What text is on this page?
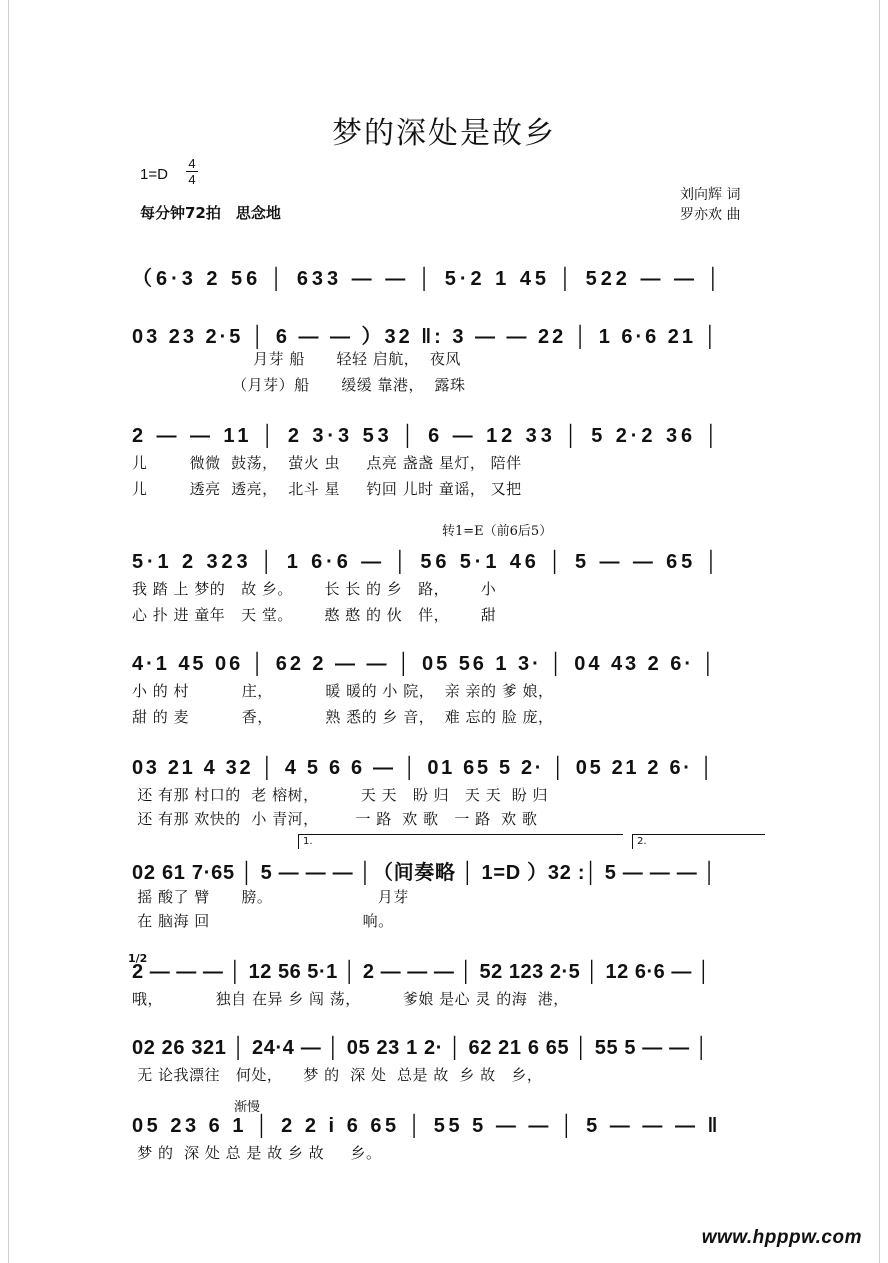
梦的深处是故乡
1=D
4
4
每分钟72拍　思念地
刘向辉 词
罗亦欢 曲
（6·3 2 56 │ 633 ― ― │ 5·2 1 45 │ 522 ― ― │
03 23 2·5 │ 6 ― ― ）32 ‖: 3 ― ― 22 │ 1 6·6 21 │
月芽 船      轻轻 启航，  夜风
（月芽）船      缓缓 靠港，  露珠
2 ― ― 11 │ 2 3·3 53 │ 6 ― 12 33 │ 5 2·2 36 │
儿        微微  鼓荡，  萤火 虫     点亮 盏盏 星灯， 陪伴
儿        透亮  透亮，  北斗 星     钓回 儿时 童谣， 又把
转1=E（前6后5）
5·1 2 323 │ 1 6·6 ― │ 56 5·1 46 │ 5 ― ― 65 │
我 踏 上 梦的   故 乡。      长 长 的 乡   路，      小
心 扑 进 童年   天 堂。      憨 憨 的 伙   伴，      甜
4·1 45 06 │ 62 2 ― ― │ 05 56 1 3· │ 04 43 2 6· │
小 的 村          庄，          暖 暖的 小 院，  亲 亲的 爹 娘，
甜 的 麦          香，          熟 悉的 乡 音，  难 忘的 脸 庞，
03 21 4 32 │ 4 5 6 6 ― │ 01 65 5 2· │ 05 21 2 6· │
还 有那 村口的  老 榕树，        天 天   盼 归   天 天  盼 归
还 有那 欢快的  小 青河，       一 路  欢 歌   一 路  欢 歌
1.	2.
02 61 7·65 │ 5 ― ― ― │（间奏略 │ 1=D ）32 :│ 5 ― ― ― │
摇 酸了 臂      膀。                    月芽
在 脑海 回                             响。
1/2
2 ― ― ― │ 12 56 5·1 │ 2 ― ― ― │ 52 123 2·5 │ 12 6·6 ― │
哦，          独自 在异 乡 闯 荡，        爹娘 是心 灵 的海  港，
02 26 321 │ 24·4 ― │ 05 23 1 2· │ 62 21 6 65 │ 55 5 ― ― │
无 论我漂往   何处，    梦 的  深 处  总是 故  乡 故   乡，
渐慢
05 23 6 1 │ 2 2 i 6 65 │ 55 5 ― ― │ 5 ― ― ― ‖
梦 的  深 处 总 是 故 乡 故     乡。
www.hpppw.com
